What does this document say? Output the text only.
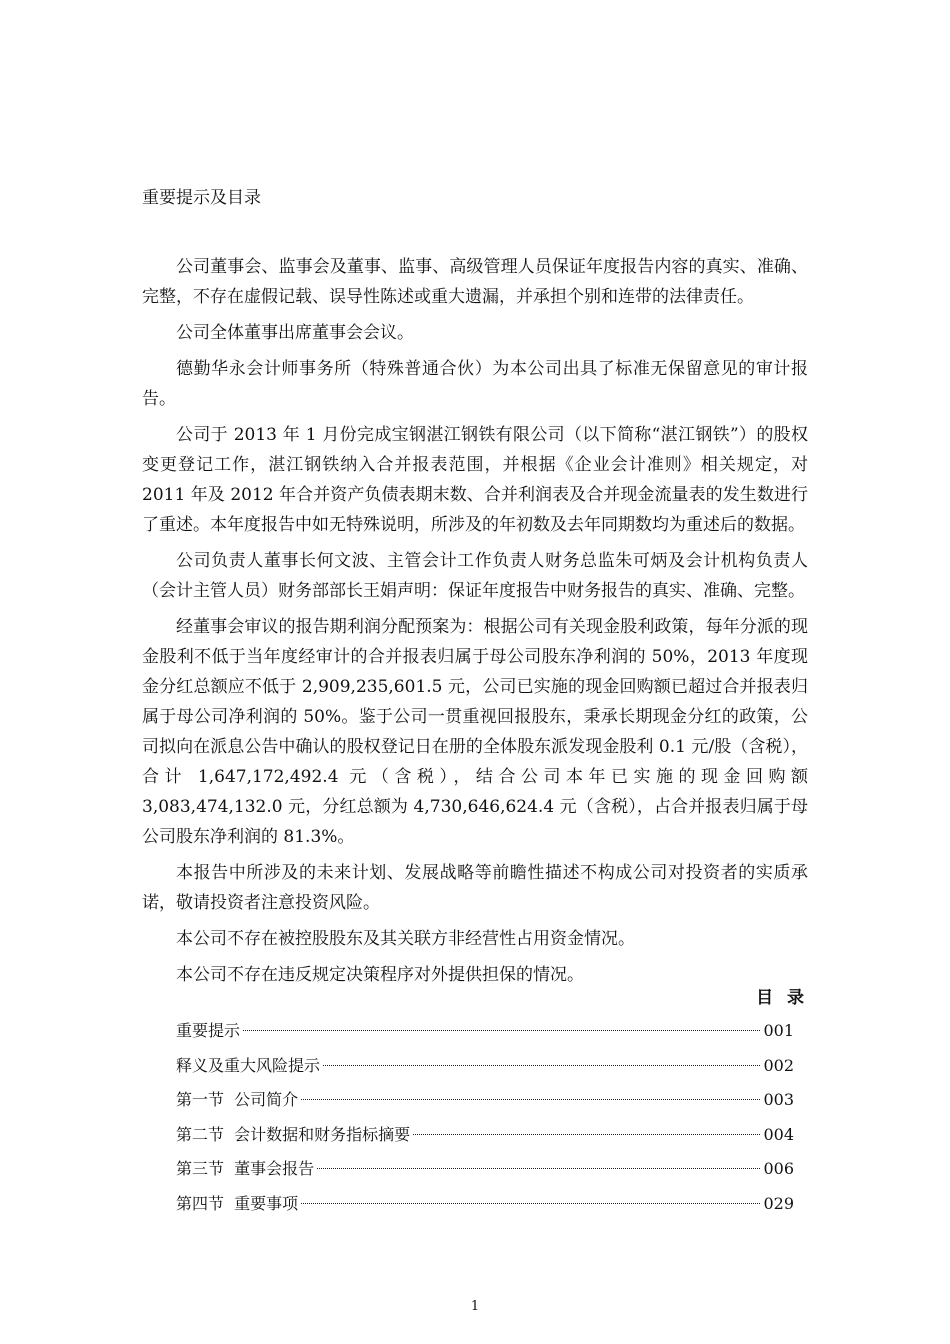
重要提示及目录

公司董事会、监事会及董事、监事、高级管理人员保证年度报告内容的真实、准确、完整，不存在虚假记载、误导性陈述或重大遗漏，并承担个别和连带的法律责任。

公司全体董事出席董事会会议。

德勤华永会计师事务所（特殊普通合伙）为本公司出具了标准无保留意见的审计报告。

公司于 2013 年 1 月份完成宝钢湛江钢铁有限公司（以下简称“湛江钢铁”）的股权变更登记工作，湛江钢铁纳入合并报表范围，并根据《企业会计准则》相关规定，对 2011 年及 2012 年合并资产负债表期末数、合并利润表及合并现金流量表的发生数进行了重述。本年度报告中如无特殊说明，所涉及的年初数及去年同期数均为重述后的数据。

公司负责人董事长何文波、主管会计工作负责人财务总监朱可炳及会计机构负责人（会计主管人员）财务部部长王娟声明：保证年度报告中财务报告的真实、准确、完整。

经董事会审议的报告期利润分配预案为：根据公司有关现金股利政策，每年分派的现金股利不低于当年度经审计的合并报表归属于母公司股东净利润的 50%，2013 年度现金分红总额应不低于 2,909,235,601.5 元，公司已实施的现金回购额已超过合并报表归属于母公司净利润的 50%。鉴于公司一贯重视回报股东，秉承长期现金分红的政策，公司拟向在派息公告中确认的股权登记日在册的全体股东派发现金股利 0.1 元/股（含税），合计 1,647,172,492.4 元（含税），结合公司本年已实施的现金回购额 3,083,474,132.0 元，分红总额为 4,730,646,624.4 元（含税），占合并报表归属于母公司股东净利润的 81.3%。

本报告中所涉及的未来计划、发展战略等前瞻性描述不构成公司对投资者的实质承诺，敬请投资者注意投资风险。

本公司不存在被控股股东及其关联方非经营性占用资金情况。

本公司不存在违反规定决策程序对外提供担保的情况。

目 录
重要提示	001
释义及重大风险提示	002
第一节  公司简介	003
第二节  会计数据和财务指标摘要	004
第三节  董事会报告	006
第四节  重要事项	029
1
